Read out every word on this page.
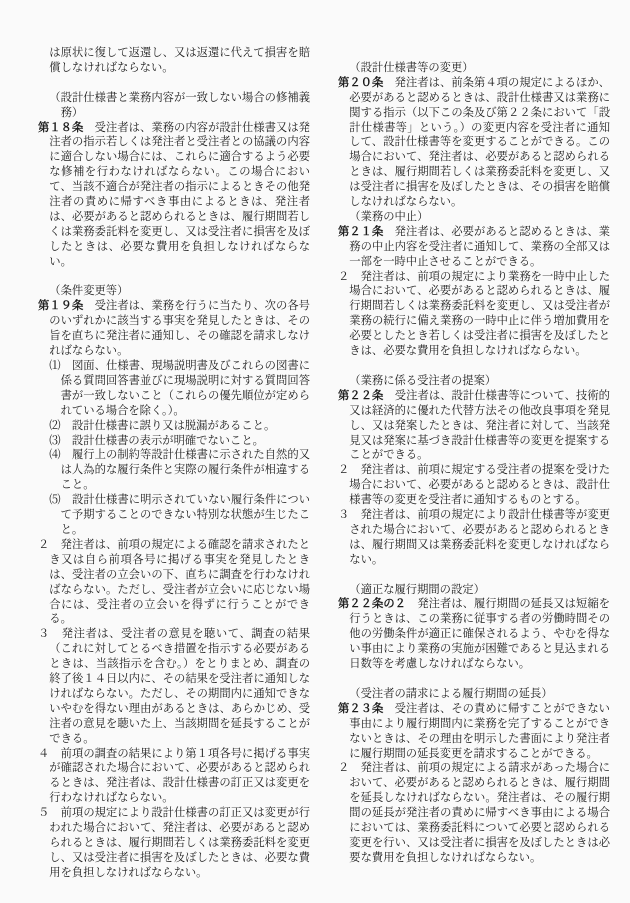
は原状に復して返還し、又は返還に代えて損害を賠償しなければならない。

（設計仕様書と業務内容が一致しない場合の修補義務）

第１８条　受注者は、業務の内容が設計仕様書又は発注者の指示若しくは発注者と受注者との協議の内容に適合しない場合には、これらに適合するよう必要な修補を行わなければならない。この場合において、当該不適合が発注者の指示によるときその他発注者の責めに帰すべき事由によるときは、発注者は、必要があると認められるときは、履行期間若しくは業務委託料を変更し、又は受注者に損害を及ぼしたときは、必要な費用を負担しなければならない。

（条件変更等）

第１９条　受注者は、業務を行うに当たり、次の各号のいずれかに該当する事実を発見したときは、その旨を直ちに発注者に通知し、その確認を請求しなければならない。

⑴　図面、仕様書、現場説明書及びこれらの図書に係る質問回答書並びに現場説明に対する質問回答書が一致しないこと（これらの優先順位が定められている場合を除く。）。

⑵　設計仕様書に誤り又は脱漏があること。

⑶　設計仕様書の表示が明確でないこと。

⑷　履行上の制約等設計仕様書に示された自然的又は人為的な履行条件と実際の履行条件が相違すること。

⑸　設計仕様書に明示されていない履行条件について予期することのできない特別な状態が生じたこと。

２　発注者は、前項の規定による確認を請求されたとき又は自ら前項各号に掲げる事実を発見したときは、受注者の立会いの下、直ちに調査を行わなければならない。ただし、受注者が立会いに応じない場合には、受注者の立会いを得ずに行うことができる。

３　発注者は、受注者の意見を聴いて、調査の結果（これに対してとるべき措置を指示する必要があるときは、当該指示を含む。）をとりまとめ、調査の終了後１４日以内に、その結果を受注者に通知しなければならない。ただし、その期間内に通知できないやむを得ない理由があるときは、あらかじめ、受注者の意見を聴いた上、当該期間を延長することができる。

４　前項の調査の結果により第１項各号に掲げる事実が確認された場合において、必要があると認められるときは、発注者は、設計仕様書の訂正又は変更を行わなければならない。

５　前項の規定により設計仕様書の訂正又は変更が行われた場合において、発注者は、必要があると認められるときは、履行期間若しくは業務委託料を変更し、又は受注者に損害を及ぼしたときは、必要な費用を負担しなければならない。

（設計仕様書等の変更）

第２０条　発注者は、前条第４項の規定によるほか、必要があると認めるときは、設計仕様書又は業務に関する指示（以下この条及び第２２条において「設計仕様書等」という。）の変更内容を受注者に通知して、設計仕様書等を変更することができる。この場合において、発注者は、必要があると認められるときは、履行期間若しくは業務委託料を変更し、又は受注者に損害を及ぼしたときは、その損害を賠償しなければならない。

（業務の中止）

第２１条　発注者は、必要があると認めるときは、業務の中止内容を受注者に通知して、業務の全部又は一部を一時中止させることができる。

２　発注者は、前項の規定により業務を一時中止した場合において、必要があると認められるときは、履行期間若しくは業務委託料を変更し、又は受注者が業務の続行に備え業務の一時中止に伴う増加費用を必要としたとき若しくは受注者に損害を及ぼしたときは、必要な費用を負担しなければならない。

（業務に係る受注者の提案）

第２２条　受注者は、設計仕様書等について、技術的又は経済的に優れた代替方法その他改良事項を発見し、又は発案したときは、発注者に対して、当該発見又は発案に基づき設計仕様書等の変更を提案することができる。

２　発注者は、前項に規定する受注者の提案を受けた場合において、必要があると認めるときは、設計仕様書等の変更を受注者に通知するものとする。

３　発注者は、前項の規定により設計仕様書等が変更された場合において、必要があると認められるときは、履行期間又は業務委託料を変更しなければならない。

（適正な履行期間の設定）

第２２条の２　発注者は、履行期間の延長又は短縮を行うときは、この業務に従事する者の労働時間その他の労働条件が適正に確保されるよう、やむを得ない事由により業務の実施が困難であると見込まれる日数等を考慮しなければならない。

（受注者の請求による履行期間の延長）

第２３条　受注者は、その責めに帰すことができない事由により履行期間内に業務を完了することができないときは、その理由を明示した書面により発注者に履行期間の延長変更を請求することができる。

２　発注者は、前項の規定による請求があった場合において、必要があると認められるときは、履行期間を延長しなければならない。発注者は、その履行期間の延長が発注者の責めに帰すべき事由による場合においては、業務委託料について必要と認められる変更を行い、又は受注者に損害を及ぼしたときは必要な費用を負担しなければならない。
